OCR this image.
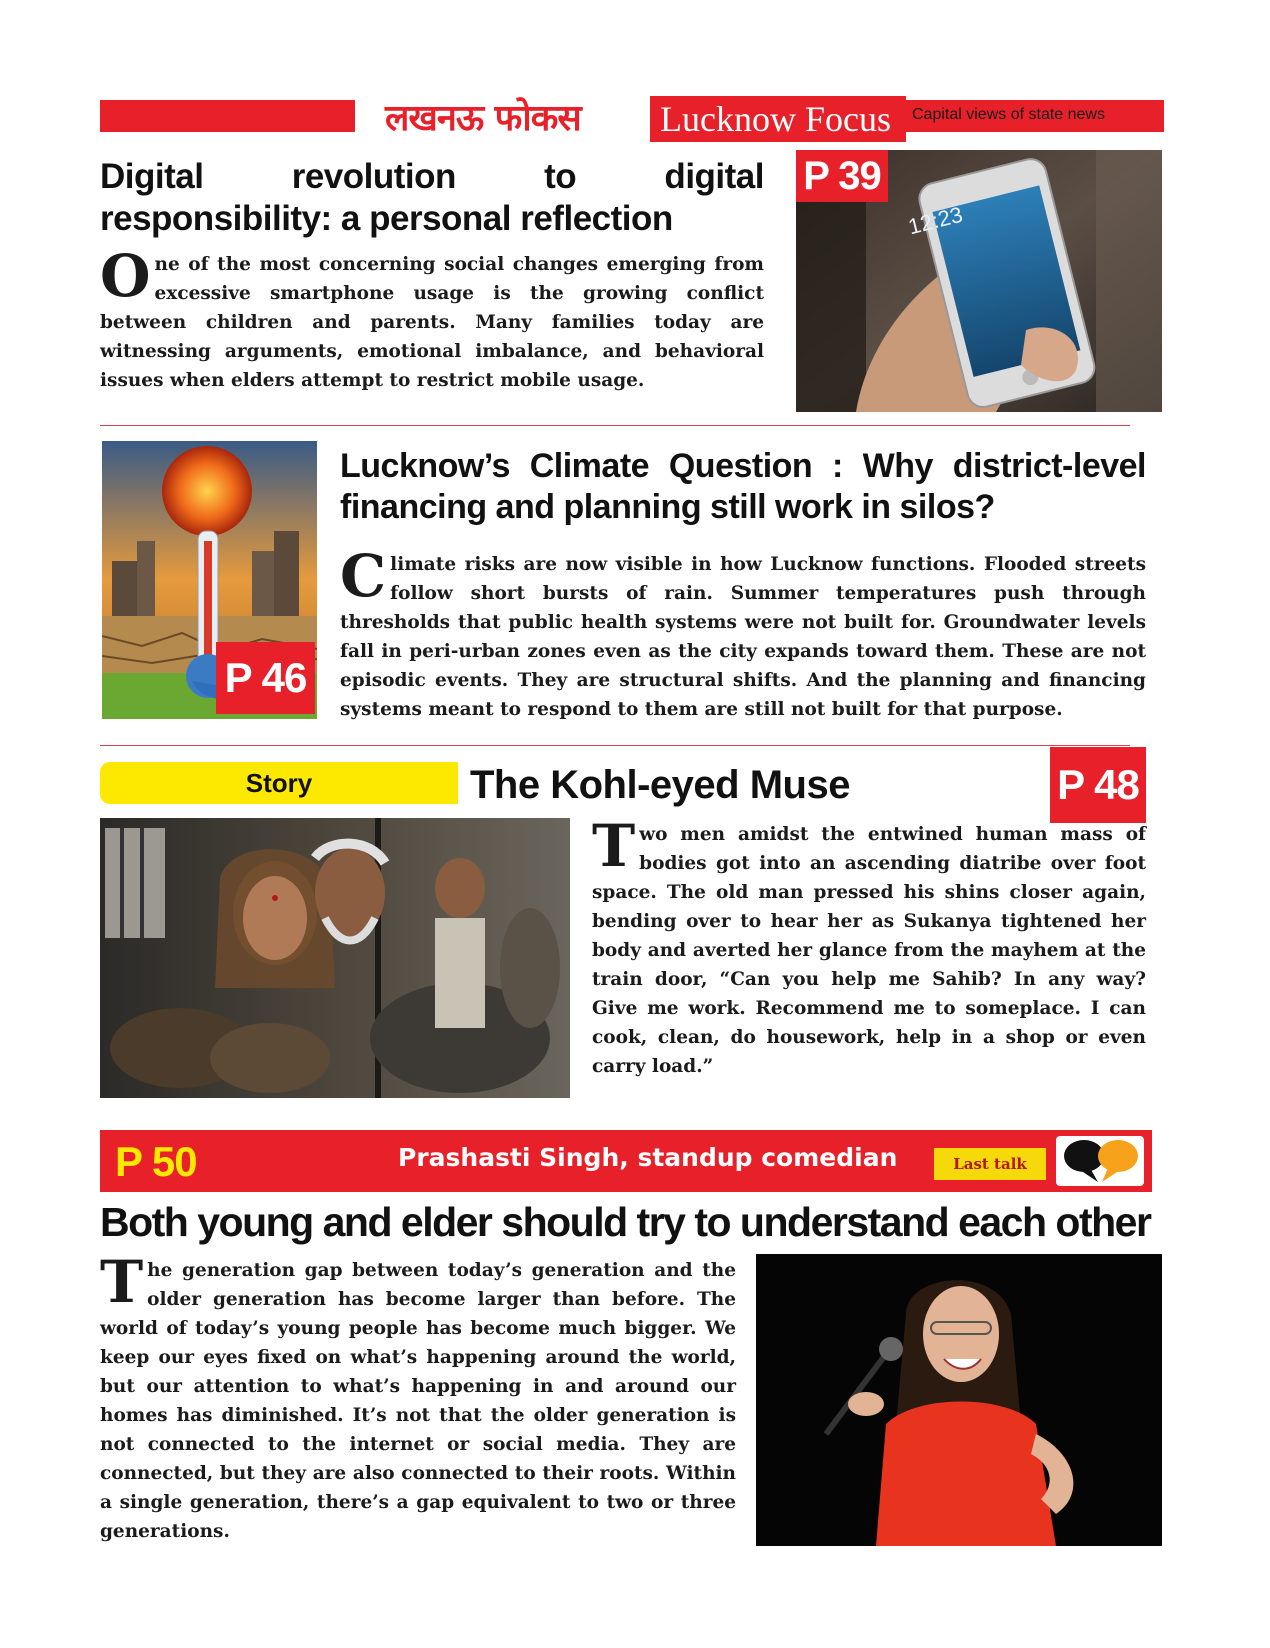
लखनऊ फोकस Lucknow Focus	Capital views of state news
Digital revolution to digital responsibility: a personal reflection
One of the most concerning social changes emerging from excessive smartphone usage is the growing conflict between children and parents. Many families today are witnessing arguments, emotional imbalance, and behavioral issues when elders attempt to restrict mobile usage.
12:23
P 39
P 46
Lucknow’s Climate Question : Why district-level financing and planning still work in silos?
Climate risks are now visible in how Lucknow functions. Flooded streets follow short bursts of rain. Summer temperatures push through thresholds that public health systems were not built for. Groundwater levels fall in peri-urban zones even as the city expands toward them. These are not episodic events. They are structural shifts. And the planning and financing systems meant to respond to them are still not built for that purpose.
Story	The Kohl-eyed Muse	P 48
Two men amidst the entwined human mass of bodies got into an ascending diatribe over foot space. The old man pressed his shins closer again, bending over to hear her as Sukanya tightened her body and averted her glance from the mayhem at the train door, “Can you help me Sahib? In any way? Give me work. Recommend me to someplace. I can cook, clean, do housework, help in a shop or even carry load.”
P 50	Prashasti Singh, standup comedian	Last talk
Both young and elder should try to understand each other
The generation gap between today’s generation and the older generation has become larger than before. The world of today’s young people has become much bigger. We keep our eyes fixed on what’s happening around the world, but our attention to what’s happening in and around our homes has diminished. It’s not that the older generation is not connected to the internet or social media. They are connected, but they are also connected to their roots. Within a single generation, there’s a gap equivalent to two or three generations.
